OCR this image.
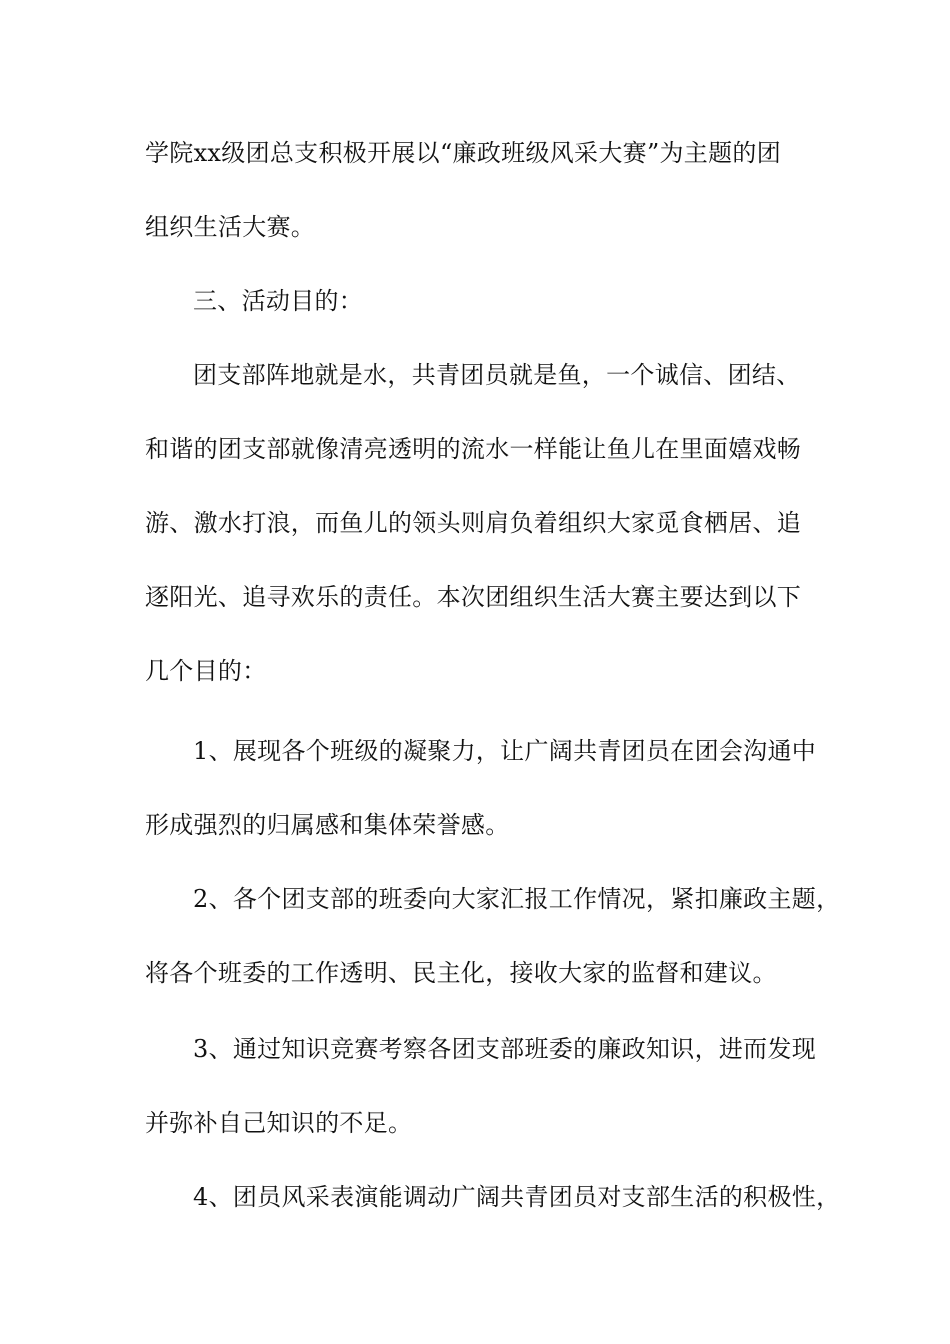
学院xx级团总支积极开展以“廉政班级风采大赛”为主题的团
组织生活大赛。
三、活动目的：
团支部阵地就是水，共青团员就是鱼，一个诚信、团结、
和谐的团支部就像清亮透明的流水一样能让鱼儿在里面嬉戏畅
游、激水打浪，而鱼儿的领头则肩负着组织大家觅食栖居、追
逐阳光、追寻欢乐的责任。本次团组织生活大赛主要达到以下
几个目的：
1、展现各个班级的凝聚力，让广阔共青团员在团会沟通中
形成强烈的归属感和集体荣誉感。
2、各个团支部的班委向大家汇报工作情况，紧扣廉政主题，
将各个班委的工作透明、民主化，接收大家的监督和建议。
3、通过知识竞赛考察各团支部班委的廉政知识，进而发现
并弥补自己知识的不足。
4、团员风采表演能调动广阔共青团员对支部生活的积极性，
